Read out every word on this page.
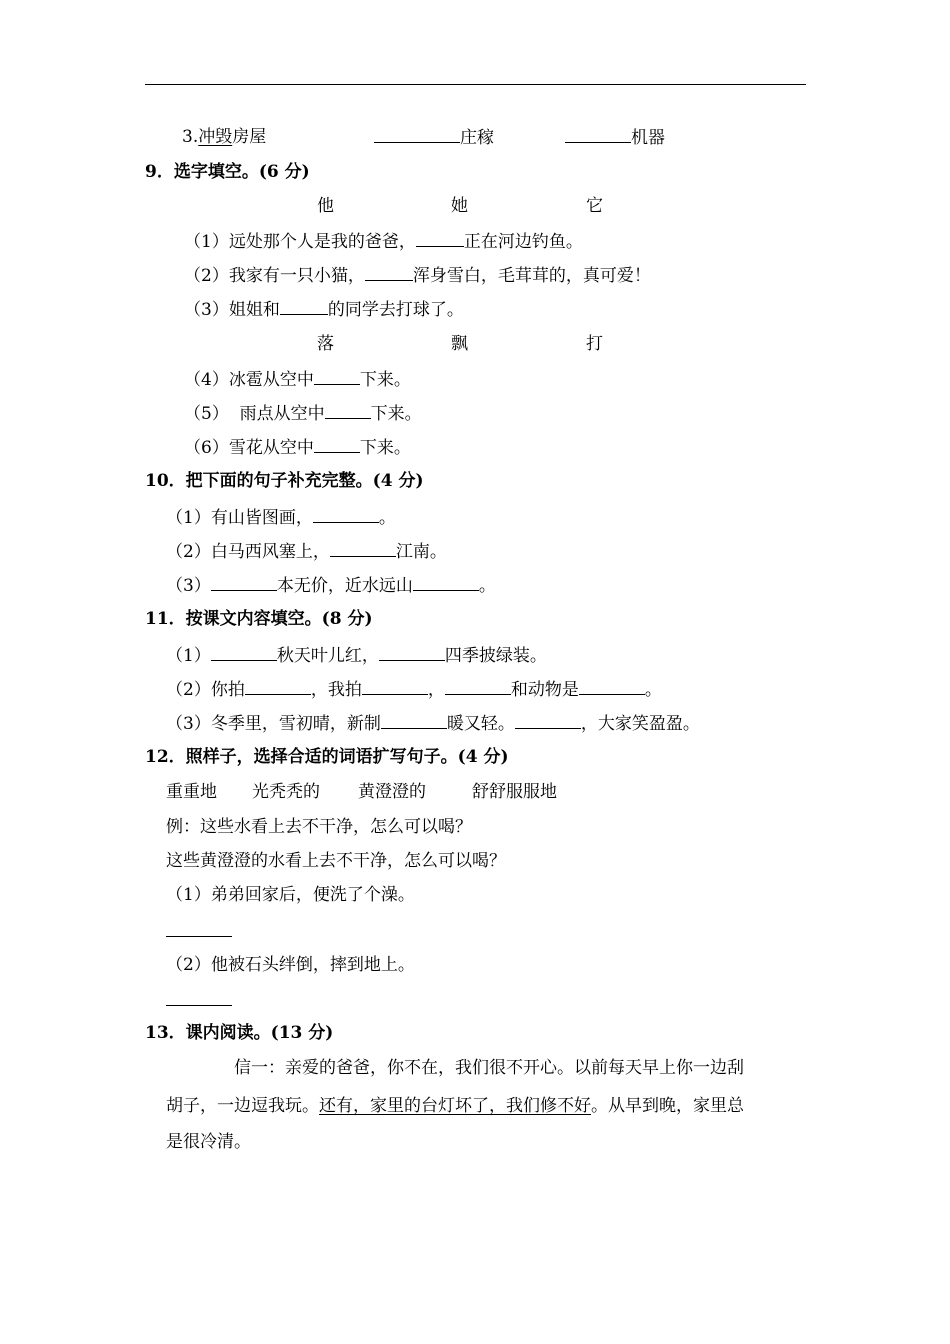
3.冲毁房屋	庄稼	机器
9．选字填空。(6 分)
他	她	它
（1）远处那个人是我的爸爸，	正在河边钓鱼。
（2）我家有一只小猫，	浑身雪白，毛茸茸的，真可爱！
（3）姐姐和	的同学去打球了。
落	飘	打
（4）冰雹从空中	下来。
（5）  雨点从空中	下来。
（6）雪花从空中	下来。
10．把下面的句子补充完整。(4 分)
（1）有山皆图画，	。
（2）白马西风塞上，	江南。
（3）	本无价，近水远山	。
11．按课文内容填空。(8 分)
（1）	秋天叶儿红，	四季披绿装。
（2）你拍	，我拍	，	和动物是	。
（3）冬季里，雪初晴，新制	暖又轻。	，大家笑盈盈。
12．照样子，选择合适的词语扩写句子。(4 分)
重重地 光秃秃的 黄澄澄的	舒舒服服地
例：这些水看上去不干净，怎么可以喝？
这些黄澄澄的水看上去不干净，怎么可以喝？
（1）弟弟回家后，便洗了个澡。
（2）他被石头绊倒，摔到地上。
13．课内阅读。(13 分)
信一：亲爱的爸爸，你不在，我们很不开心。以前每天早上你一边刮
胡子，一边逗我玩。还有，家里的台灯坏了，我们修不好。从早到晚，家里总
是很冷清。
